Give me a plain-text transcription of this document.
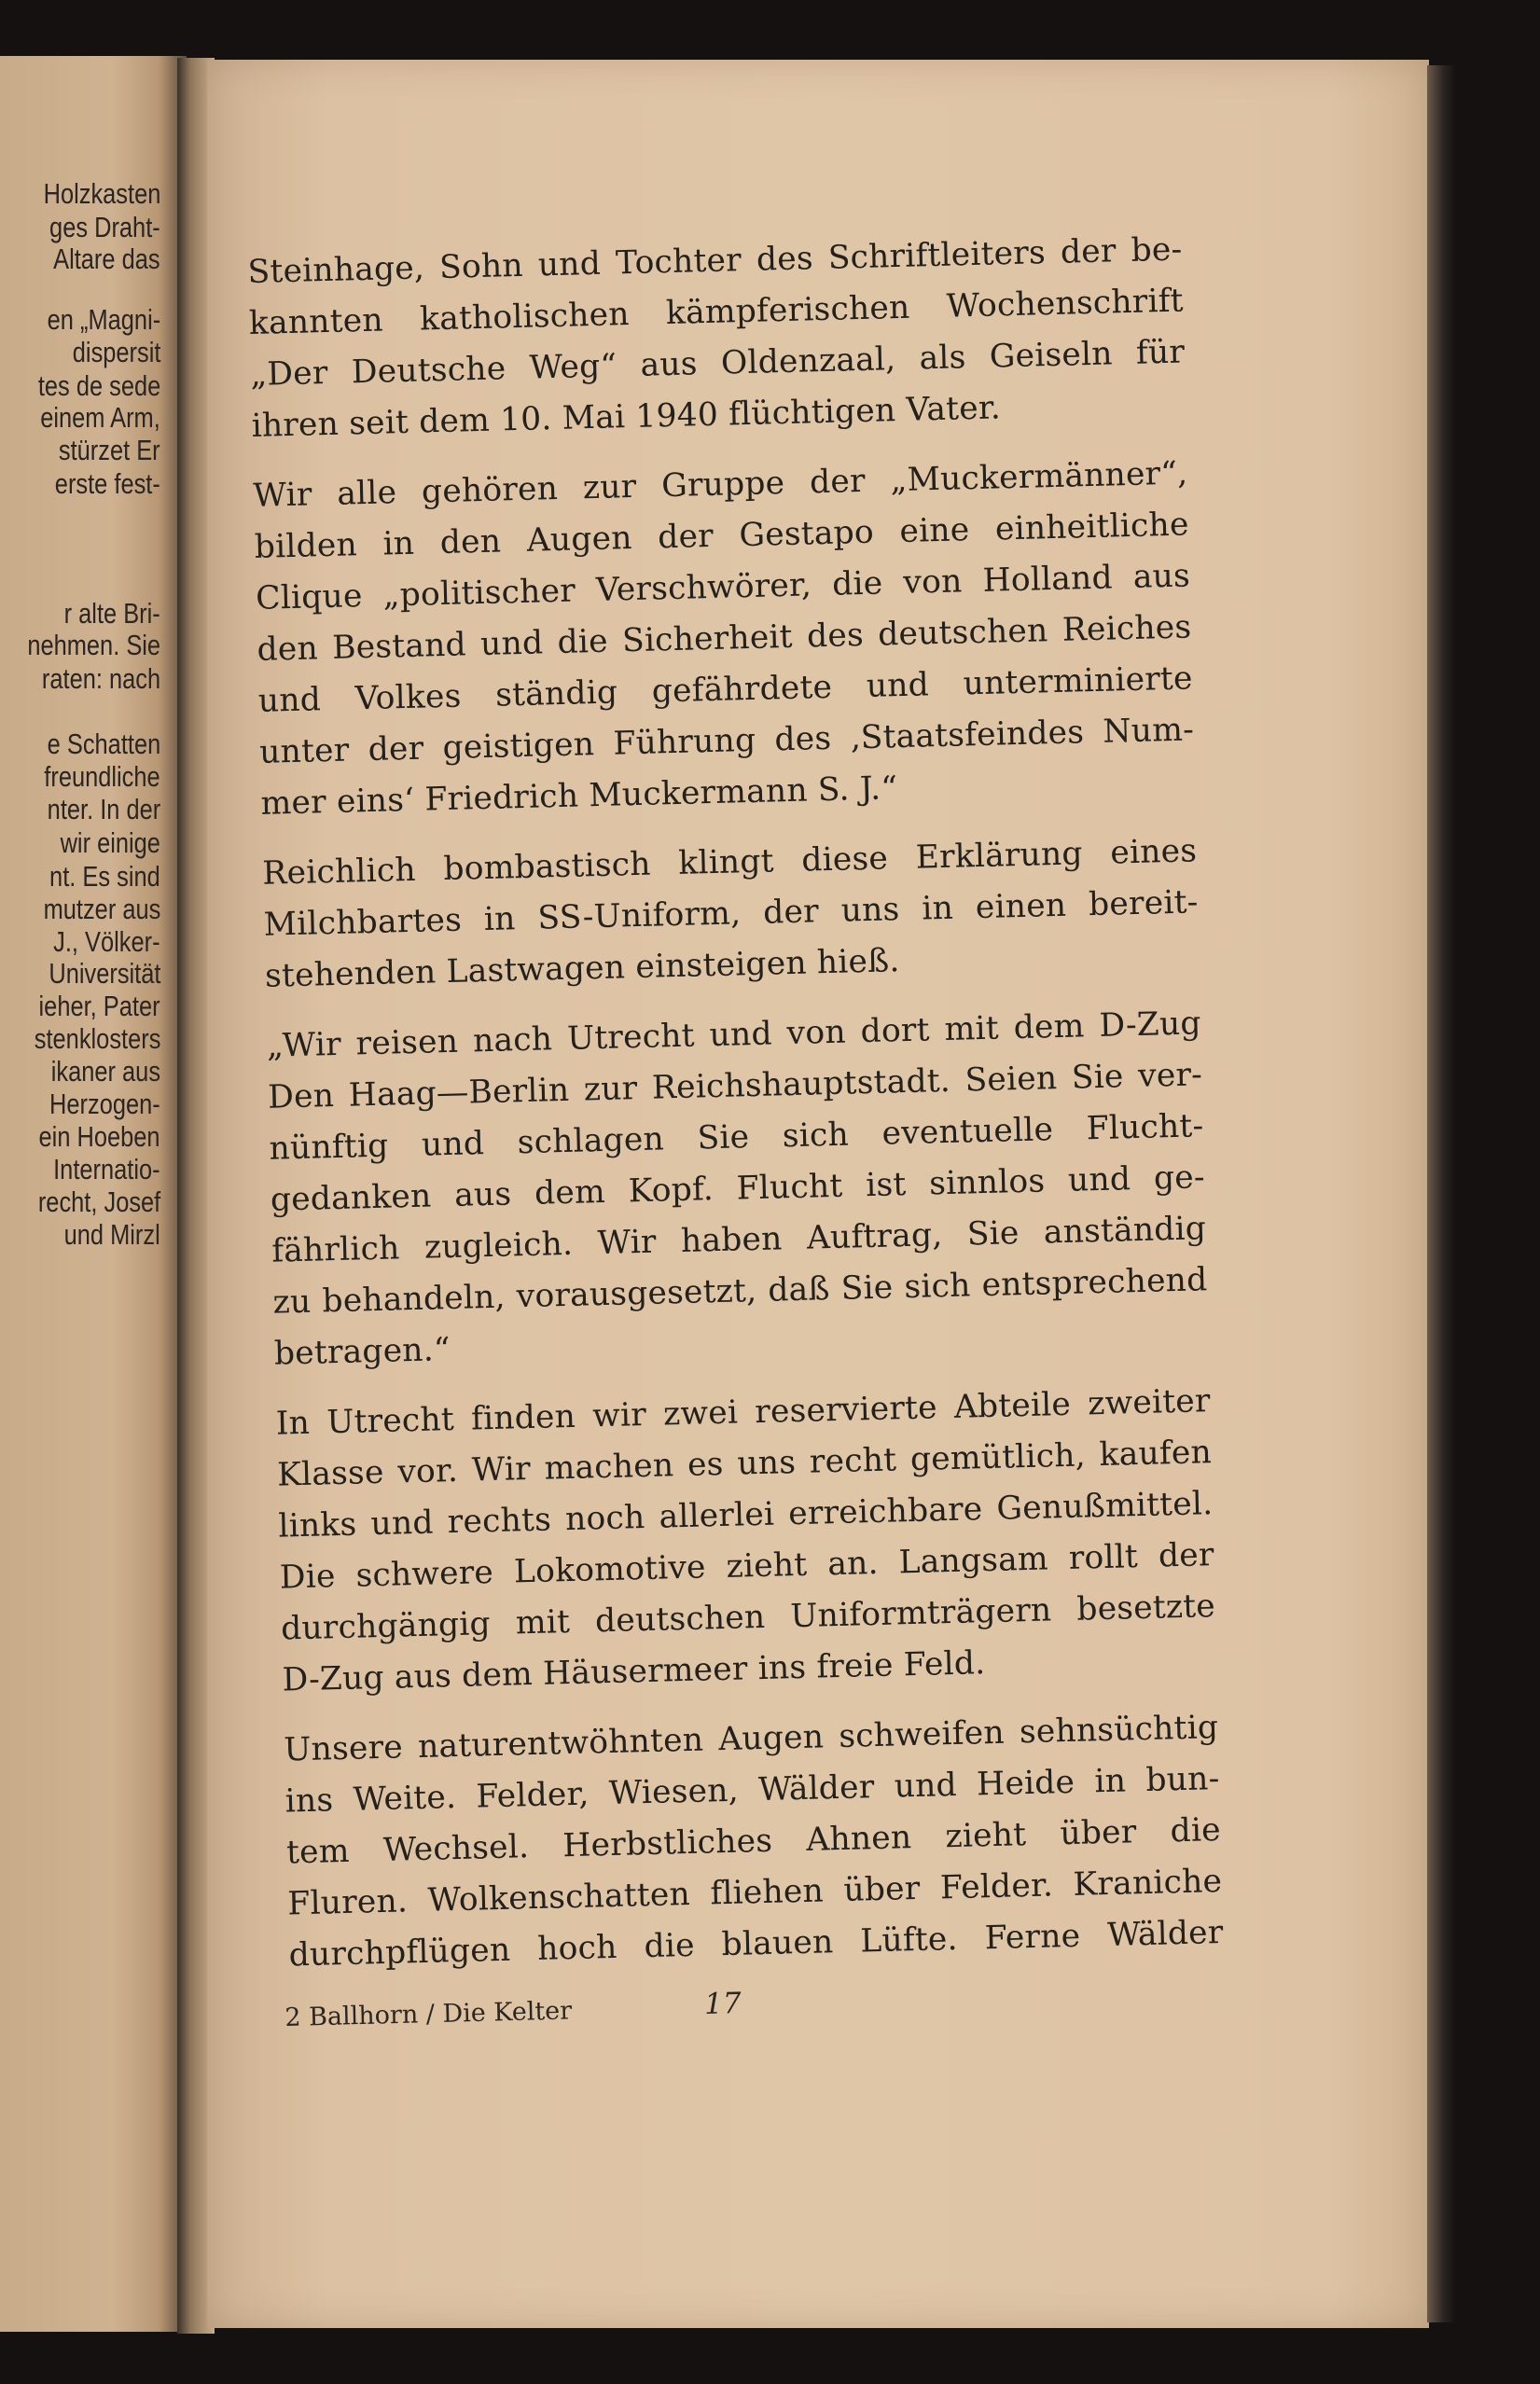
Holzkasten
ges Draht-
Altare das
en „Magni-
dispersit
tes de sede
einem Arm,
stürzet Er
erste fest-
r alte Bri-
nehmen. Sie
raten: nach
e Schatten
freundliche
nter. In der
wir einige
nt. Es sind
mutzer aus
J., Völker-
Universität
ieher, Pater
stenklosters
ikaner aus
Herzogen-
ein Hoeben
Internatio-
recht, Josef
und Mirzl
Steinhage, Sohn und Tochter des Schriftleiters der be-
kannten katholischen kämpferischen Wochenschrift
„Der Deutsche Weg“ aus Oldenzaal, als Geiseln für
ihren seit dem 10. Mai 1940 flüchtigen Vater.
Wir alle gehören zur Gruppe der „Muckermänner“,
bilden in den Augen der Gestapo eine einheitliche
Clique „politischer Verschwörer, die von Holland aus
den Bestand und die Sicherheit des deutschen Reiches
und Volkes ständig gefährdete und unterminierte
unter der geistigen Führung des ‚Staatsfeindes Num-
mer eins‘ Friedrich Muckermann S. J.“
Reichlich bombastisch klingt diese Erklärung eines
Milchbartes in SS-Uniform, der uns in einen bereit-
stehenden Lastwagen einsteigen hieß.
„Wir reisen nach Utrecht und von dort mit dem D-Zug
Den Haag—Berlin zur Reichshauptstadt. Seien Sie ver-
nünftig und schlagen Sie sich eventuelle Flucht-
gedanken aus dem Kopf. Flucht ist sinnlos und ge-
fährlich zugleich. Wir haben Auftrag, Sie anständig
zu behandeln, vorausgesetzt, daß Sie sich entsprechend
betragen.“
In Utrecht finden wir zwei reservierte Abteile zweiter
Klasse vor. Wir machen es uns recht gemütlich, kaufen
links und rechts noch allerlei erreichbare Genußmittel.
Die schwere Lokomotive zieht an. Langsam rollt der
durchgängig mit deutschen Uniformträgern besetzte
D-Zug aus dem Häusermeer ins freie Feld.
Unsere naturentwöhnten Augen schweifen sehnsüchtig
ins Weite. Felder, Wiesen, Wälder und Heide in bun-
tem Wechsel. Herbstliches Ahnen zieht über die
Fluren. Wolkenschatten fliehen über Felder. Kraniche
durchpflügen hoch die blauen Lüfte. Ferne Wälder
2 Ballhorn / Die Kelter	17
